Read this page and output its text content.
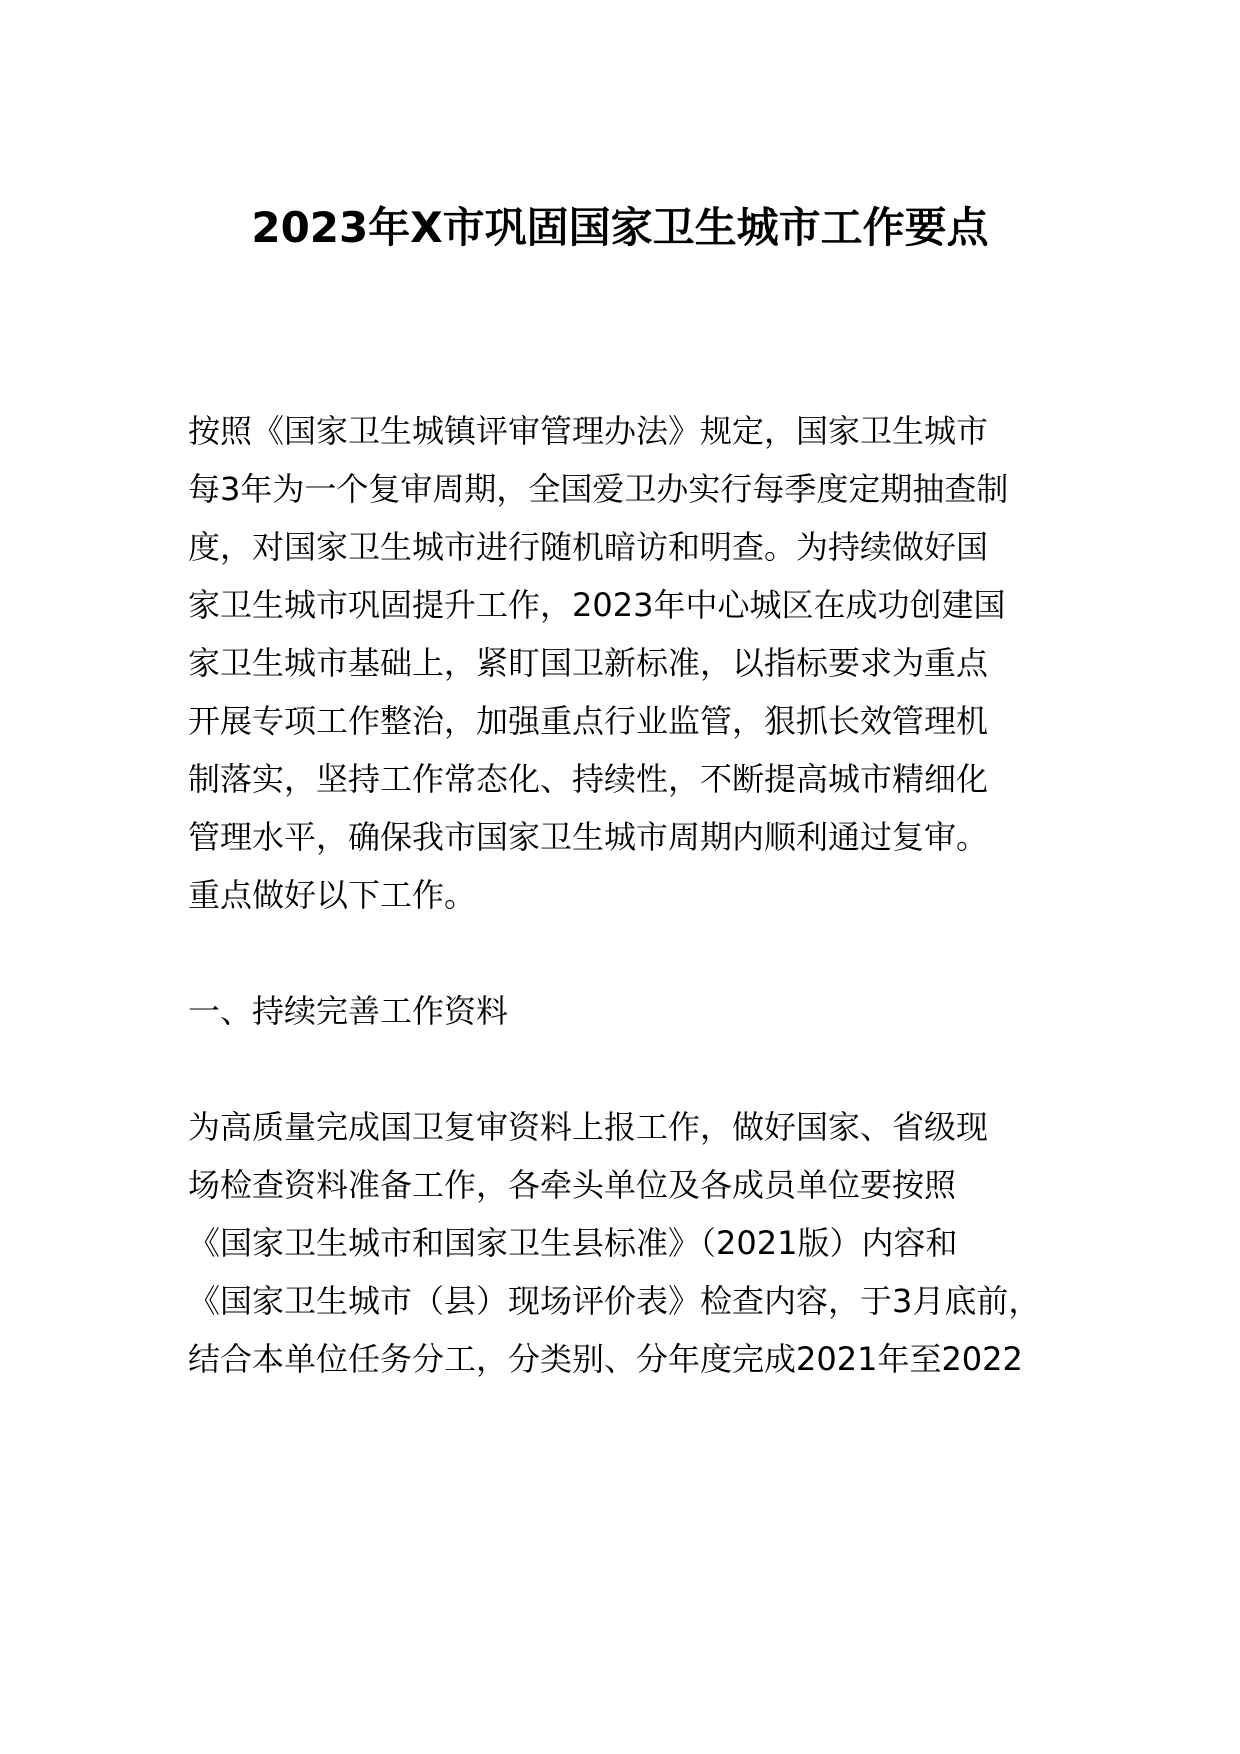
2023年X市巩固国家卫生城市工作要点
按照《国家卫生城镇评审管理办法》规定，国家卫生城市
每3年为一个复审周期，全国爱卫办实行每季度定期抽查制
度，对国家卫生城市进行随机暗访和明查。为持续做好国
家卫生城市巩固提升工作，2023年中心城区在成功创建国
家卫生城市基础上，紧盯国卫新标准，以指标要求为重点
开展专项工作整治，加强重点行业监管，狠抓长效管理机
制落实，坚持工作常态化、持续性，不断提高城市精细化
管理水平，确保我市国家卫生城市周期内顺利通过复审。
重点做好以下工作。
一、持续完善工作资料
为高质量完成国卫复审资料上报工作，做好国家、省级现
场检查资料准备工作，各牵头单位及各成员单位要按照
《国家卫生城市和国家卫生县标准》（2021版）内容和
《国家卫生城市（县）现场评价表》检查内容，于3月底前，
结合本单位任务分工，分类别、分年度完成2021年至2022
